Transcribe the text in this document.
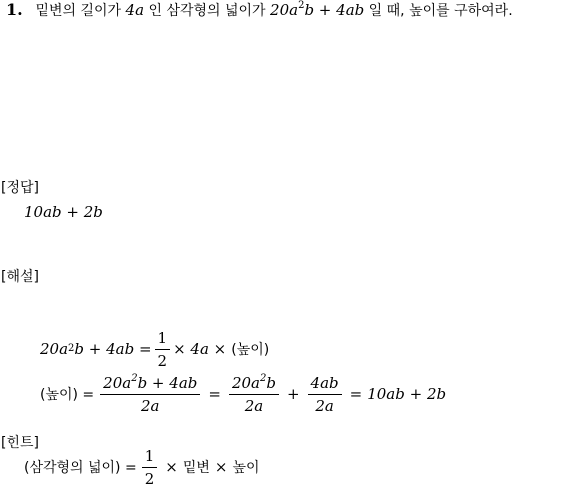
1. 밑변의 길이가 4a 인 삼각형의 넓이가 $20a^2b + 4ab$ 일 때, 높이를 구하여라.
[정답]
10ab + 2b
[해설]
20a 2 $b + 4ab = \frac{1}{2} \times 4a$ × (높이)
(높이) = $\frac{20a^2b + 4ab}{2a} = \frac{20a^2b}{2a} + \frac{4ab}{2a} = 10ab + 2b$
[힌트]
(삼각형의 넓이) = $\frac{1}{2}$ × 밑변 × 높이
